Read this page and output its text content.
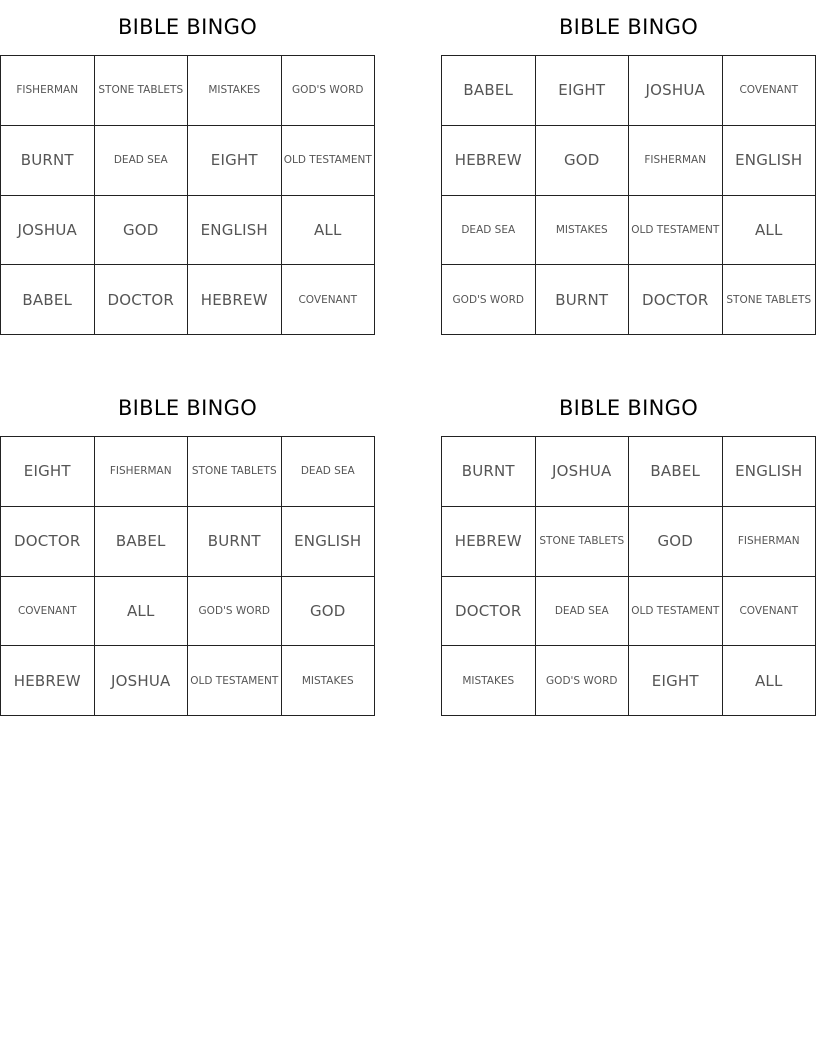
BIBLE BINGO
FISHERMAN	STONE TABLETS	MISTAKES	GOD'S WORD
BURNT	DEAD SEA	EIGHT	OLD TESTAMENT
JOSHUA	GOD	ENGLISH	ALL
BABEL	DOCTOR	HEBREW	COVENANT
BIBLE BINGO
BABEL	EIGHT	JOSHUA	COVENANT
HEBREW	GOD	FISHERMAN	ENGLISH
DEAD SEA	MISTAKES	OLD TESTAMENT	ALL
GOD'S WORD	BURNT	DOCTOR	STONE TABLETS
BIBLE BINGO
EIGHT	FISHERMAN	STONE TABLETS	DEAD SEA
DOCTOR	BABEL	BURNT	ENGLISH
COVENANT	ALL	GOD'S WORD	GOD
HEBREW	JOSHUA	OLD TESTAMENT	MISTAKES
BIBLE BINGO
BURNT	JOSHUA	BABEL	ENGLISH
HEBREW	STONE TABLETS	GOD	FISHERMAN
DOCTOR	DEAD SEA	OLD TESTAMENT	COVENANT
MISTAKES	GOD'S WORD	EIGHT	ALL
